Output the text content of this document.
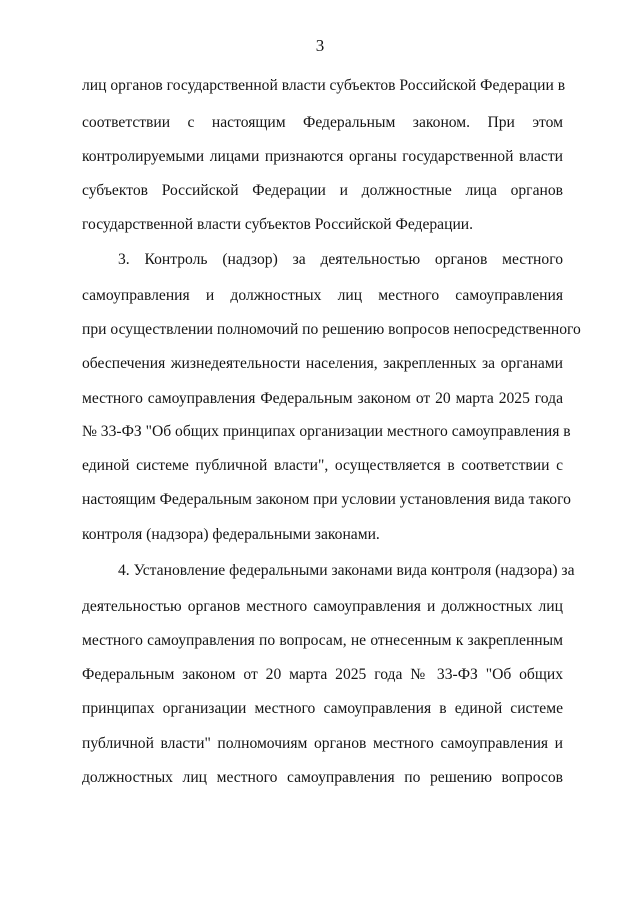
3
лиц органов государственной власти субъектов Российской Федерации в
соответствии с настоящим Федеральным законом. При этом
контролируемыми лицами признаются органы государственной власти
субъектов Российской Федерации и должностные лица органов
государственной власти субъектов Российской Федерации.
3. Контроль (надзор) за деятельностью органов местного
самоуправления и должностных лиц местного самоуправления
при осуществлении полномочий по решению вопросов непосредственного
обеспечения жизнедеятельности населения, закрепленных за органами
местного самоуправления Федеральным законом от 20 марта 2025 года
№ 33-ФЗ "Об общих принципах организации местного самоуправления в
единой системе публичной власти", осуществляется в соответствии с
настоящим Федеральным законом при условии установления вида такого
контроля (надзора) федеральными законами.
4. Установление федеральными законами вида контроля (надзора) за
деятельностью органов местного самоуправления и должностных лиц
местного самоуправления по вопросам, не отнесенным к закрепленным
Федеральным законом от 20 марта 2025 года № 33-ФЗ "Об общих
принципах организации местного самоуправления в единой системе
публичной власти" полномочиям органов местного самоуправления и
должностных лиц местного самоуправления по решению вопросов
